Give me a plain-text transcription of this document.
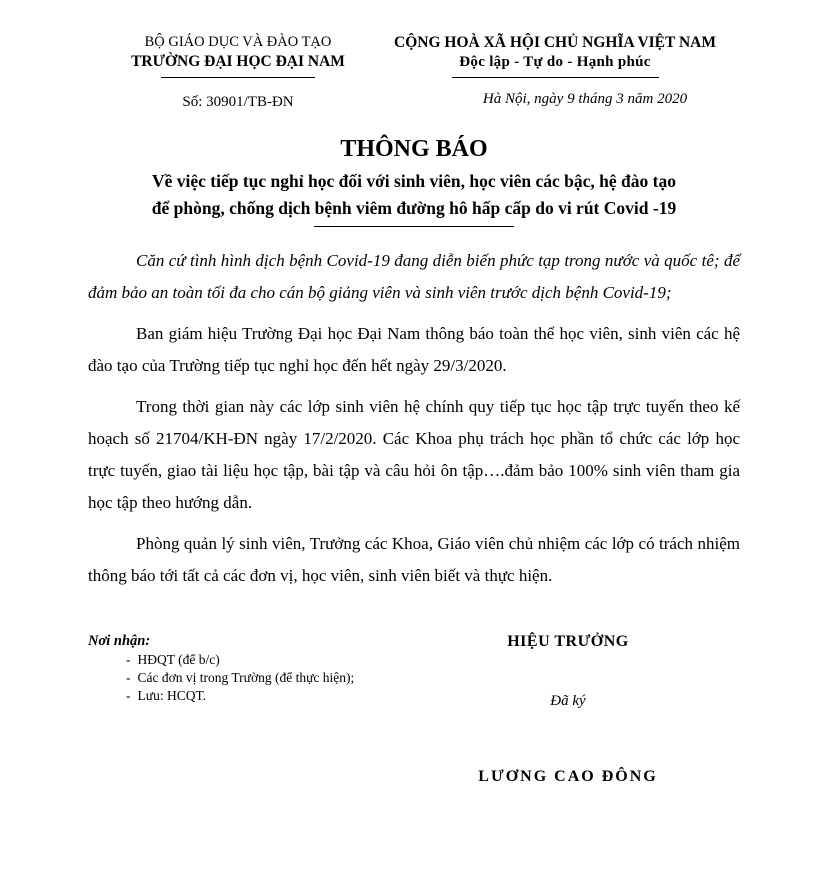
BỘ GIÁO DỤC VÀ ĐÀO TẠO
TRƯỜNG ĐẠI HỌC ĐẠI NAM
Số: 30901/TB-ĐN
CỘNG HOÀ XÃ HỘI CHỦ NGHĨA VIỆT NAM
Độc lập - Tự do - Hạnh phúc
Hà Nội, ngày 9 tháng 3 năm 2020
THÔNG BÁO
Về việc tiếp tục nghỉ học đối với sinh viên, học viên các bậc, hệ đào tạo
để phòng, chống dịch bệnh viêm đường hô hấp cấp do vi rút Covid -19

Căn cứ tình hình dịch bệnh Covid-19 đang diễn biến phức tạp trong nước và quốc tê; để đảm bảo an toàn tối đa cho cán bộ giảng viên và sinh viên trước dịch bệnh Covid-19;

Ban giám hiệu Trường Đại học Đại Nam thông báo toàn thể học viên, sinh viên các hệ đào tạo của Trường tiếp tục nghỉ học đến hết ngày 29/3/2020.

Trong thời gian này các lớp sinh viên hệ chính quy tiếp tục học tập trực tuyến theo kế hoạch số 21704/KH-ĐN ngày 17/2/2020. Các Khoa phụ trách học phần tổ chức các lớp học trực tuyến, giao tài liệu học tập, bài tập và câu hỏi ôn tập….đảm bảo 100% sinh viên tham gia học tập theo hướng dẫn.

Phòng quản lý sinh viên, Trưởng các Khoa, Giáo viên chủ nhiệm các lớp có trách nhiệm thông báo tới tất cả các đơn vị, học viên, sinh viên biết và thực hiện.

Nơi nhận:
- HĐQT (để b/c)
- Các đơn vị trong Trường (để thực hiện);
- Lưu: HCQT.
HIỆU TRƯỞNG
Đã ký
LƯƠNG CAO ĐÔNG
